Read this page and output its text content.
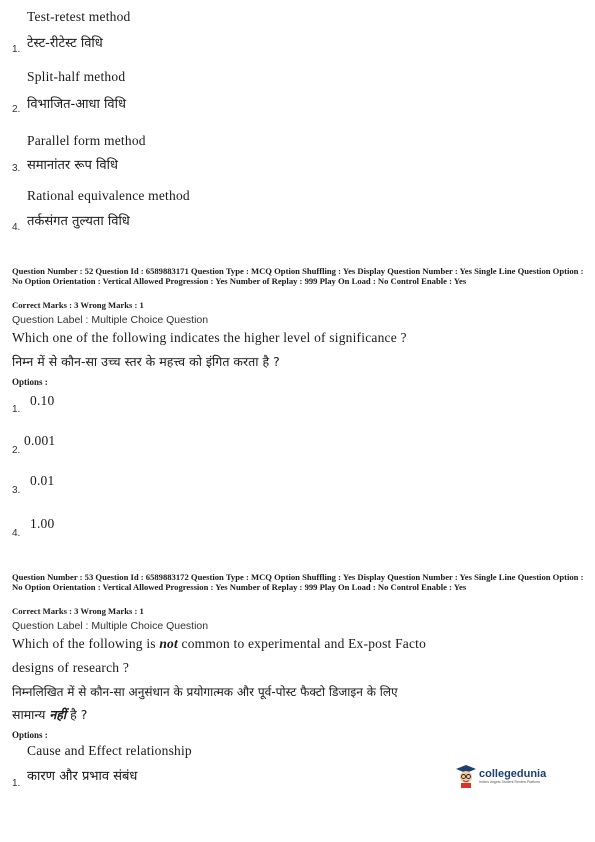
Test-retest method
1. टेस्ट-रीटेस्ट विधि
Split-half method
2. विभाजित-आधा विधि
Parallel form method
3. समानांतर रूप विधि
Rational equivalence method
4. तर्कसंगत तुल्यता विधि
Question Number : 52 Question Id : 6589883171 Question Type : MCQ Option Shuffling : Yes Display Question Number : Yes Single Line Question Option : No Option Orientation : Vertical Allowed Progression : Yes Number of Replay : 999 Play On Load : No Control Enable : Yes
Correct Marks : 3 Wrong Marks : 1
Question Label : Multiple Choice Question
Which one of the following indicates the higher level of significance ?
निम्न में से कौन-सा उच्च स्तर के महत्त्व को इंगित करता है ?
Options :
0.10
1.
0.001
2.
0.01
3.
1.00
4.
Question Number : 53 Question Id : 6589883172 Question Type : MCQ Option Shuffling : Yes Display Question Number : Yes Single Line Question Option : No Option Orientation : Vertical Allowed Progression : Yes Number of Replay : 999 Play On Load : No Control Enable : Yes
Correct Marks : 3 Wrong Marks : 1
Question Label : Multiple Choice Question
Which of the following is not common to experimental and Ex-post Facto
designs of research ?
निम्नलिखित में से कौन-सा अनुसंधान के प्रयोगात्मक और पूर्व-पोस्ट फैक्टो डिजाइन के लिए
सामान्य नहीं है ?
Options :
Cause and Effect relationship
1. कारण और प्रभाव संबंध	collegedunia
India's largest Student Review Platform
